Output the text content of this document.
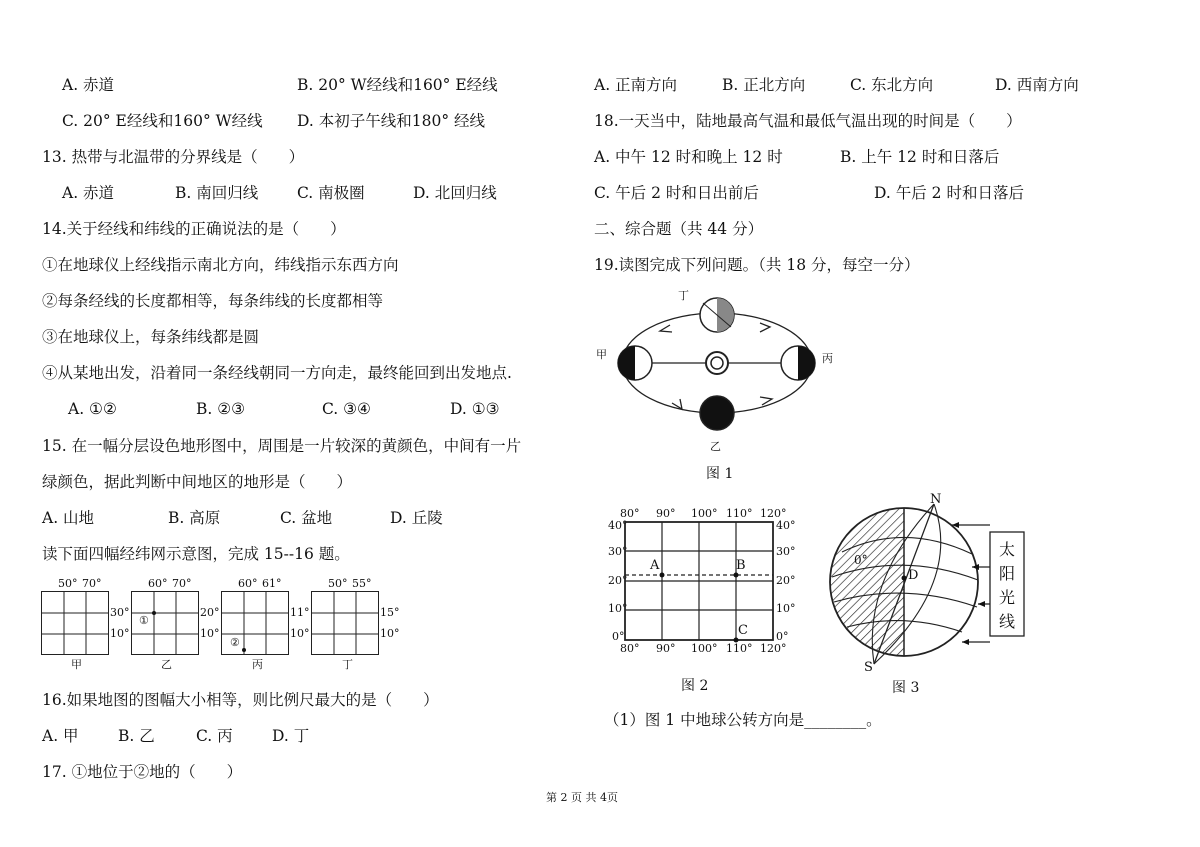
A. 赤道	B. 20° W经线和160° E经线
C. 20° E经线和160° W经线 D. 本初子午线和180° 经线
13. 热带与北温带的分界线是（　　）
A. 赤道	B. 南回归线	C. 南极圈	D. 北回归线
14.关于经线和纬线的正确说法的是（　　）
①在地球仪上经线指示南北方向，纬线指示东西方向
②每条经线的长度都相等，每条纬线的长度都相等
③在地球仪上，每条纬线都是圆
④从某地出发，沿着同一条经线朝同一方向走，最终能回到出发地点.
A. ①②	B. ②③	C. ③④	D. ①③
15. 在一幅分层设色地形图中，周围是一片较深的黄颜色，中间有一片
绿颜色，据此判断中间地区的地形是（　　）
A. 山地	B. 高原	C. 盆地	D. 丘陵
读下面四幅经纬网示意图，完成 15--16 题。
50° 70°
30°
10°
甲
60° 70°
①
20°
10°
乙
60° 61°
②
11°
10°
丙
50° 55°
15°
10°
丁
16.如果地图的图幅大小相等，则比例尺最大的是（　　）
A. 甲	B. 乙	C. 丙	D. 丁
17. ①地位于②地的（　　）
A. 正南方向	B. 正北方向	C. 东北方向	D. 西南方向
18.一天当中，陆地最高气温和最低气温出现的时间是（　　）
A. 中午 12 时和晚上 12 时	B. 上午 12 时和日落后
C. 午后 2 时和日出前后	D. 午后 2 时和日落后
二、综合题（共 44 分）
19.读图完成下列问题。（共 18 分，每空一分）
丁
甲	丙
乙
图 1
80° 90° 100° 110° 120°
40°
30°
20°
10°
0°
40°
30°
20°
10°
0°
A	B
C
80° 90° 100° 110° 120°
图 2
N
S
D
0°
太
阳
光
线
图 3
（1）图 1 中地球公转方向是________。
第 2 页 共 4页
